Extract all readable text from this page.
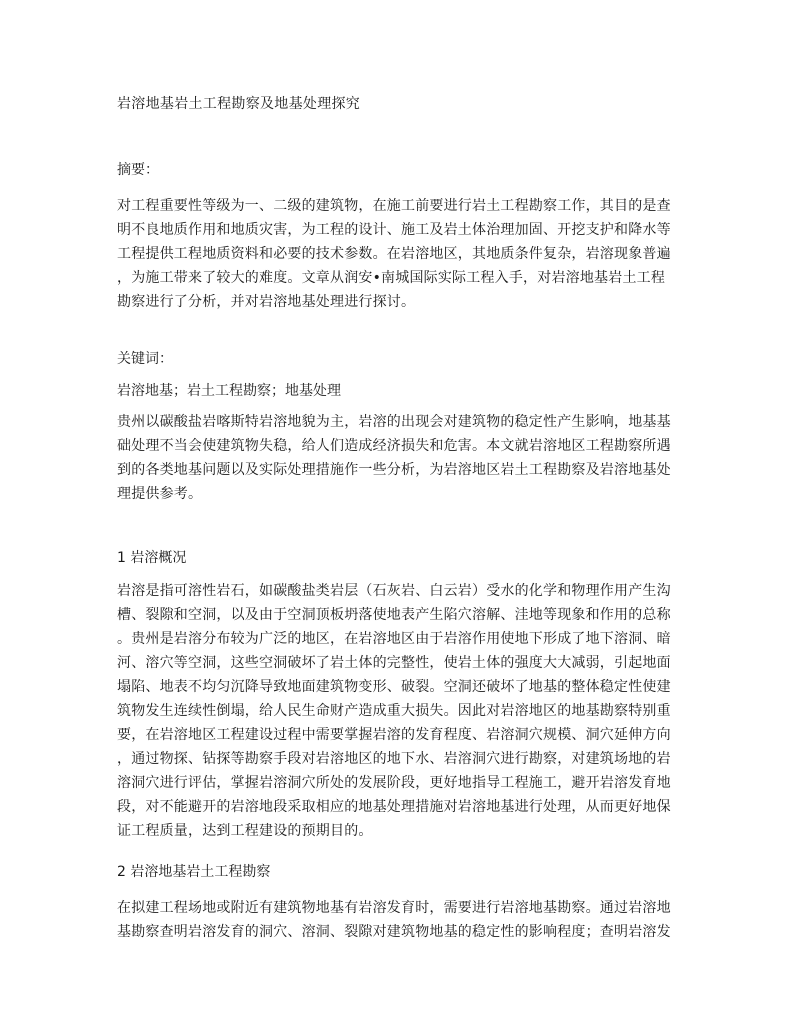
岩溶地基岩土工程勘察及地基处理探究
摘要：
对工程重要性等级为一、二级的建筑物，在施工前要进行岩土工程勘察工作，其目的是查
明不良地质作用和地质灾害，为工程的设计、施工及岩土体治理加固、开挖支护和降水等
工程提供工程地质资料和必要的技术参数。在岩溶地区，其地质条件复杂，岩溶现象普遍
，为施工带来了较大的难度。文章从润安•南城国际实际工程入手，对岩溶地基岩土工程
勘察进行了分析，并对岩溶地基处理进行探讨。
关键词：
岩溶地基；岩土工程勘察；地基处理
贵州以碳酸盐岩喀斯特岩溶地貌为主，岩溶的出现会对建筑物的稳定性产生影响，地基基
础处理不当会使建筑物失稳，给人们造成经济损失和危害。本文就岩溶地区工程勘察所遇
到的各类地基问题以及实际处理措施作一些分析，为岩溶地区岩土工程勘察及岩溶地基处
理提供参考。
1 岩溶概况
岩溶是指可溶性岩石，如碳酸盐类岩层（石灰岩、白云岩）受水的化学和物理作用产生沟
槽、裂隙和空洞，以及由于空洞顶板坍落使地表产生陷穴溶解、洼地等现象和作用的总称
。贵州是岩溶分布较为广泛的地区，在岩溶地区由于岩溶作用使地下形成了地下溶洞、暗
河、溶穴等空洞，这些空洞破坏了岩土体的完整性，使岩土体的强度大大减弱，引起地面
塌陷、地表不均匀沉降导致地面建筑物变形、破裂。空洞还破坏了地基的整体稳定性使建
筑物发生连续性倒塌，给人民生命财产造成重大损失。因此对岩溶地区的地基勘察特别重
要，在岩溶地区工程建设过程中需要掌握岩溶的发育程度、岩溶洞穴规模、洞穴延伸方向
，通过物探、钻探等勘察手段对岩溶地区的地下水、岩溶洞穴进行勘察，对建筑场地的岩
溶洞穴进行评估，掌握岩溶洞穴所处的发展阶段，更好地指导工程施工，避开岩溶发育地
段，对不能避开的岩溶地段采取相应的地基处理措施对岩溶地基进行处理，从而更好地保
证工程质量，达到工程建设的预期目的。
2 岩溶地基岩土工程勘察
在拟建工程场地或附近有建筑物地基有岩溶发育时，需要进行岩溶地基勘察。通过岩溶地
基勘察查明岩溶发育的洞穴、溶洞、裂隙对建筑物地基的稳定性的影响程度；查明岩溶发
